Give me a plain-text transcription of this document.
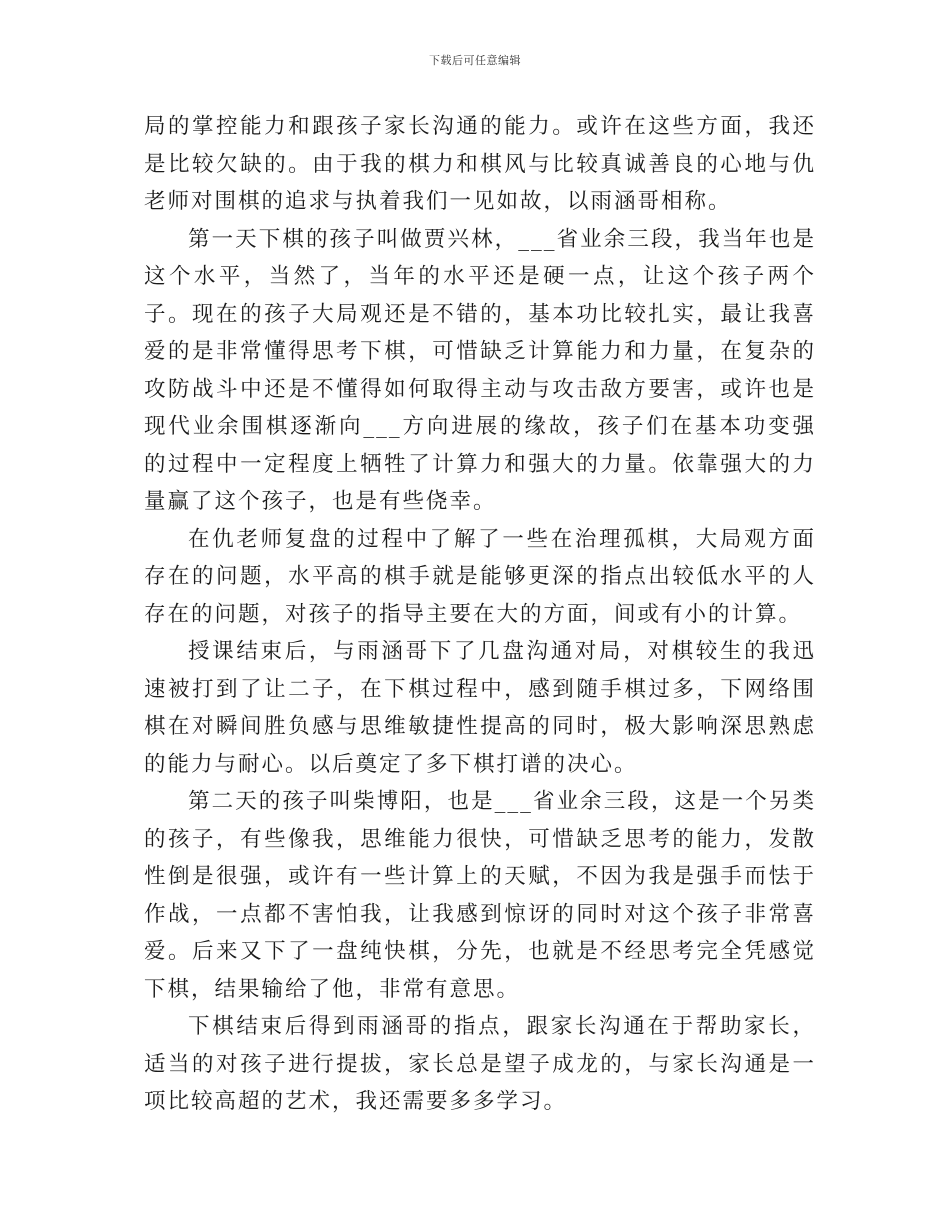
下载后可任意编辑

局的掌控能力和跟孩子家长沟通的能力。或许在这些方面，我还是比较欠缺的。由于我的棋力和棋风与比较真诚善良的心地与仇老师对围棋的追求与执着我们一见如故，以雨涵哥相称。

第一天下棋的孩子叫做贾兴林，___省业余三段，我当年也是这个水平，当然了，当年的水平还是硬一点，让这个孩子两个子。现在的孩子大局观还是不错的，基本功比较扎实，最让我喜爱的是非常懂得思考下棋，可惜缺乏计算能力和力量，在复杂的攻防战斗中还是不懂得如何取得主动与攻击敌方要害，或许也是现代业余围棋逐渐向___方向进展的缘故，孩子们在基本功变强的过程中一定程度上牺牲了计算力和强大的力量。依靠强大的力量赢了这个孩子，也是有些侥幸。

在仇老师复盘的过程中了解了一些在治理孤棋，大局观方面存在的问题，水平高的棋手就是能够更深的指点出较低水平的人存在的问题，对孩子的指导主要在大的方面，间或有小的计算。

授课结束后，与雨涵哥下了几盘沟通对局，对棋较生的我迅速被打到了让二子，在下棋过程中，感到随手棋过多，下网络围棋在对瞬间胜负感与思维敏捷性提高的同时，极大影响深思熟虑的能力与耐心。以后奠定了多下棋打谱的决心。

第二天的孩子叫柴博阳，也是___省业余三段，这是一个另类的孩子，有些像我，思维能力很快，可惜缺乏思考的能力，发散性倒是很强，或许有一些计算上的天赋，不因为我是强手而怯于作战，一点都不害怕我，让我感到惊讶的同时对这个孩子非常喜爱。后来又下了一盘纯快棋，分先，也就是不经思考完全凭感觉下棋，结果输给了他，非常有意思。

下棋结束后得到雨涵哥的指点，跟家长沟通在于帮助家长，适当的对孩子进行提拔，家长总是望子成龙的，与家长沟通是一项比较高超的艺术，我还需要多多学习。
